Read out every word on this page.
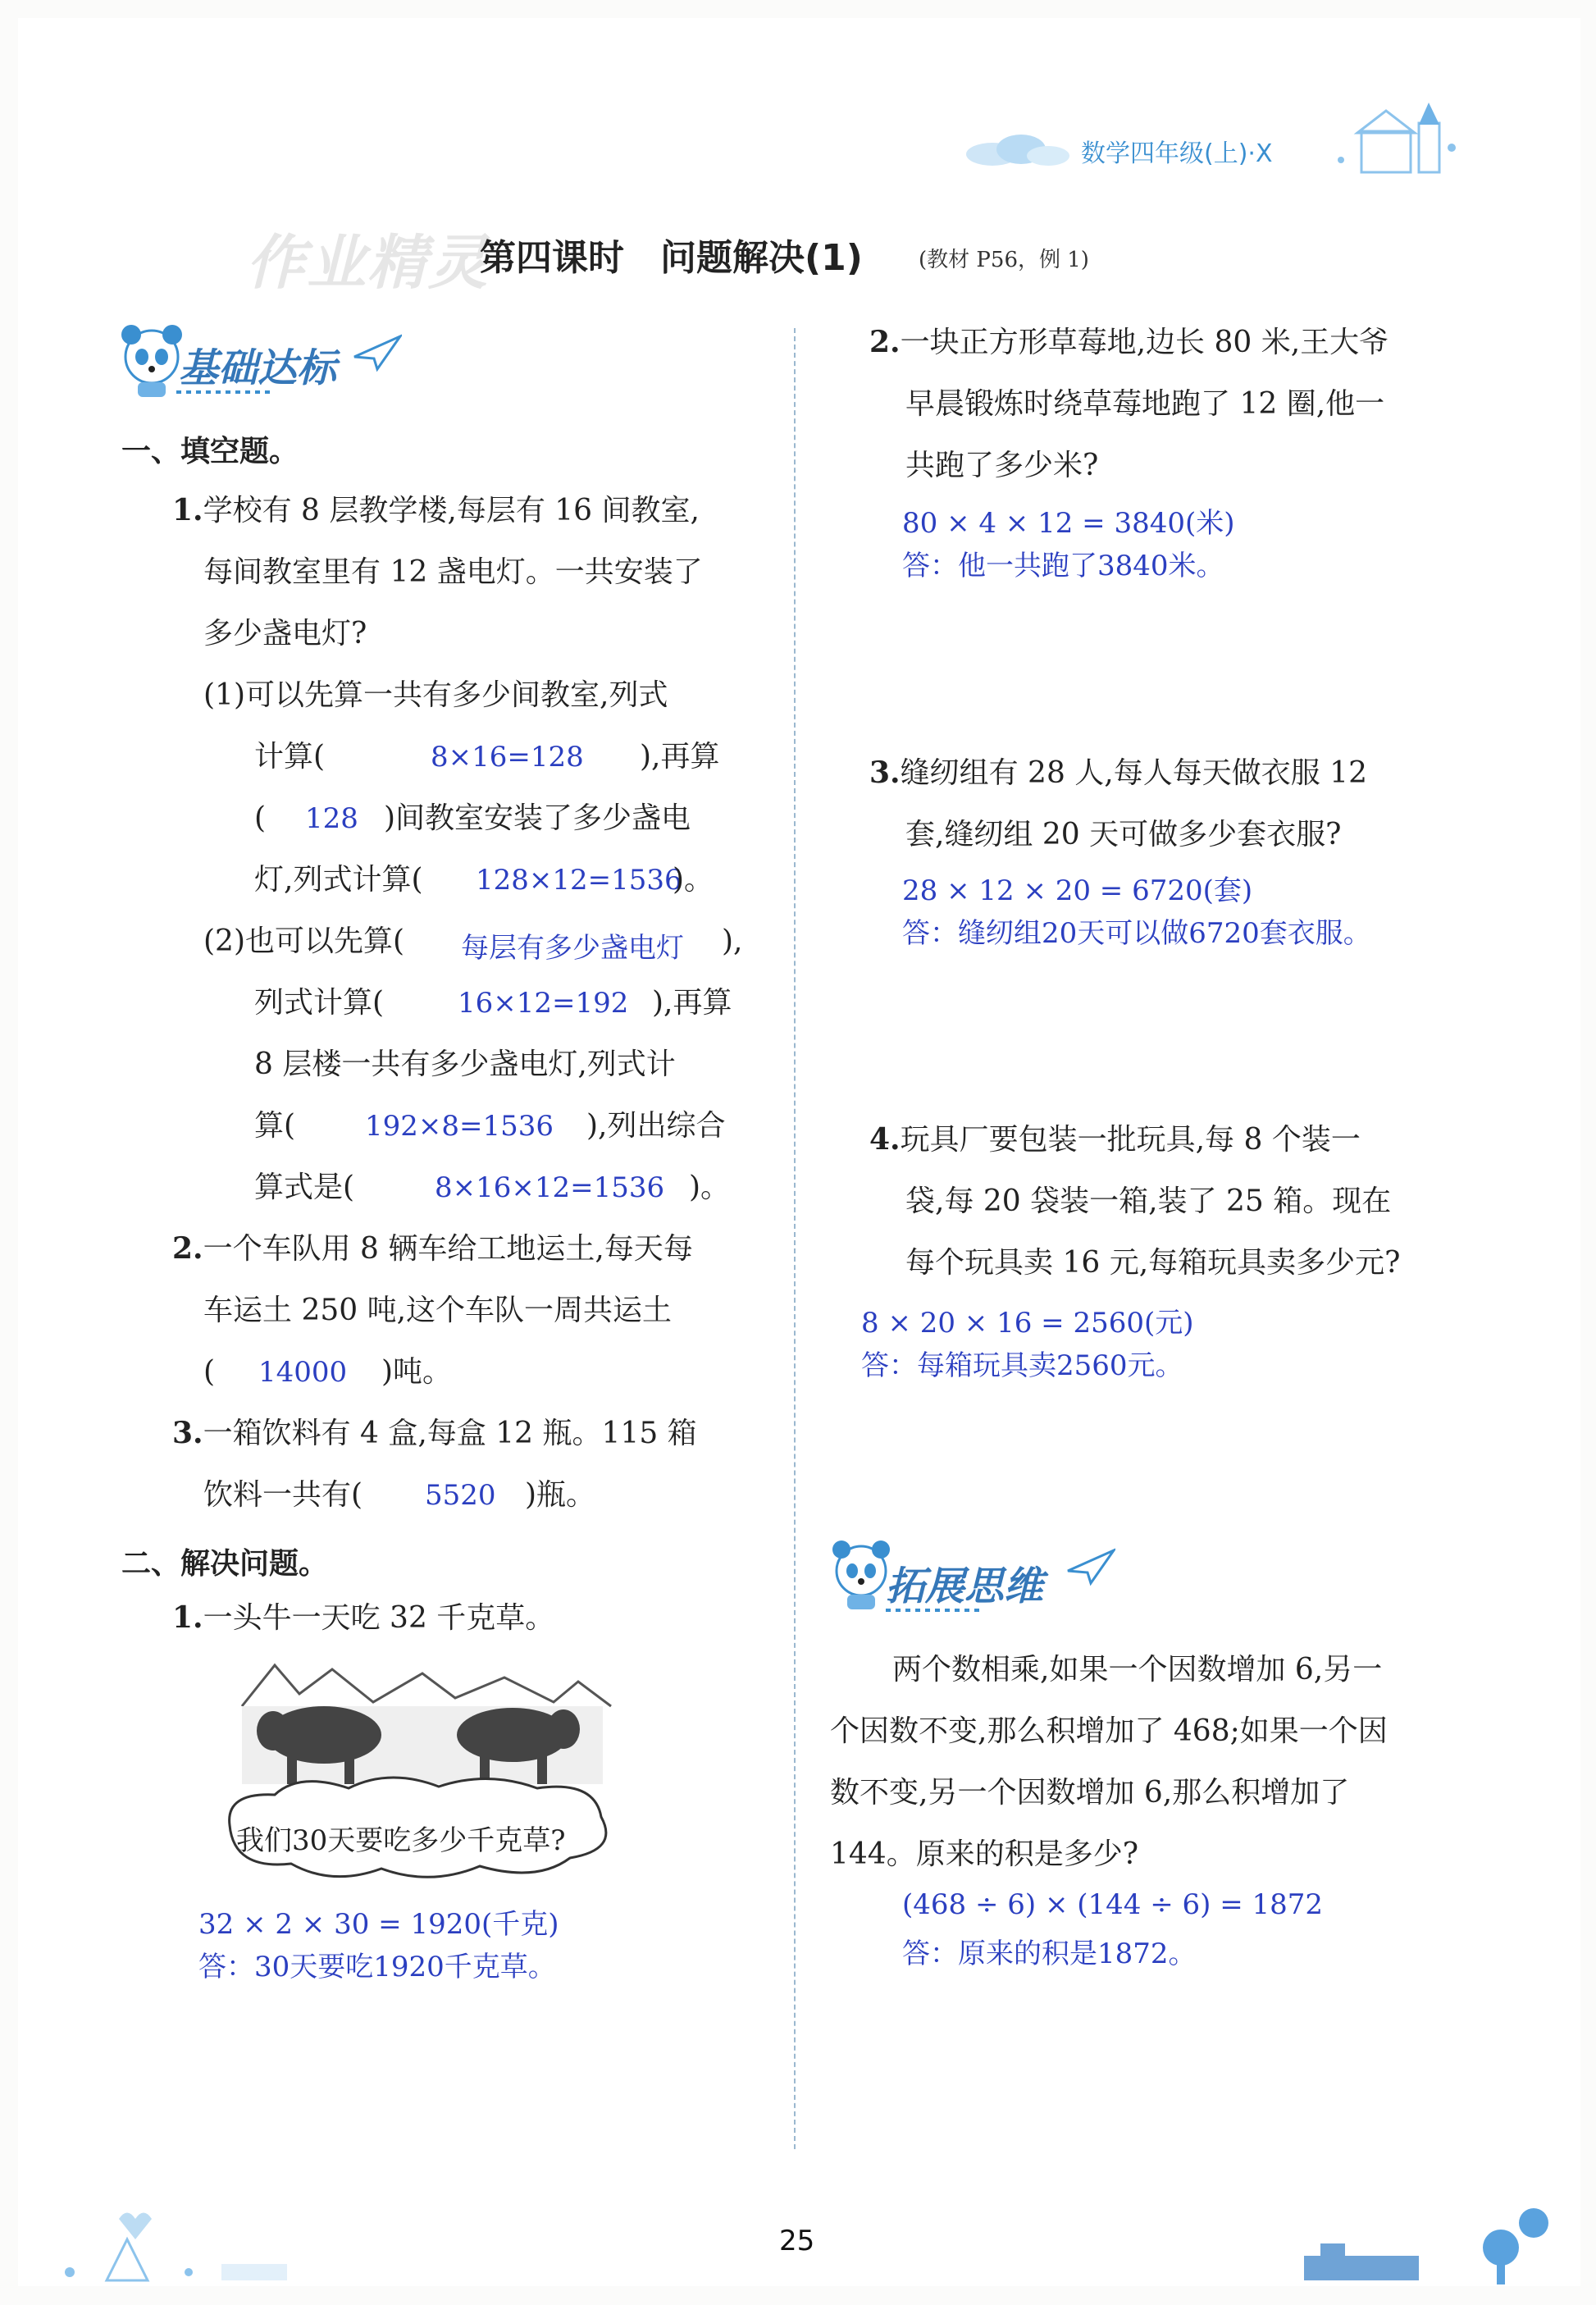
数学四年级(上)·X
作业精灵
第四课时　问题解决(1)	(教材 P56，例 1)
基础达标
一、填空题。
1.学校有 8 层教学楼,每层有 16 间教室,
每间教室里有 12 盏电灯。一共安装了
多少盏电灯?
(1)可以先算一共有多少间教室,列式
计算(	8×16=128 ),再算
( 128 )间教室安装了多少盏电
灯,列式计算( 128×12=1536
)。
(2)也可以先算( 每层有多少盏电灯 ),
列式计算(	16×12=192 ),再算
8 层楼一共有多少盏电灯,列式计
算( 192×8=1536 ),列出综合
算式是(	8×16×12=1536 )。
2.一个车队用 8 辆车给工地运土,每天每
车运土 250 吨,这个车队一周共运土
( 14000 )吨。
3.一箱饮料有 4 盒,每盒 12 瓶。115 箱
饮料一共有( 5520 )瓶。
二、解决问题。
1.一头牛一天吃 32 千克草。
我们30天要吃多少千克草?
32 × 2 × 30 = 1920(千克)
答：30天要吃1920千克草。
2.一块正方形草莓地,边长 80 米,王大爷
早晨锻炼时绕草莓地跑了 12 圈,他一
共跑了多少米?
80 × 4 × 12 = 3840(米)
答：他一共跑了3840米。
3.缝纫组有 28 人,每人每天做衣服 12
套,缝纫组 20 天可做多少套衣服?
28 × 12 × 20 = 6720(套)
答：缝纫组20天可以做6720套衣服。
4.玩具厂要包装一批玩具,每 8 个装一
袋,每 20 袋装一箱,装了 25 箱。现在
每个玩具卖 16 元,每箱玩具卖多少元?
8 × 20 × 16 = 2560(元)
答：每箱玩具卖2560元。
拓展思维
两个数相乘,如果一个因数增加 6,另一
个因数不变,那么积增加了 468;如果一个因
数不变,另一个因数增加 6,那么积增加了
144。原来的积是多少?
(468 ÷ 6) × (144 ÷ 6) = 1872
答：原来的积是1872。
25
